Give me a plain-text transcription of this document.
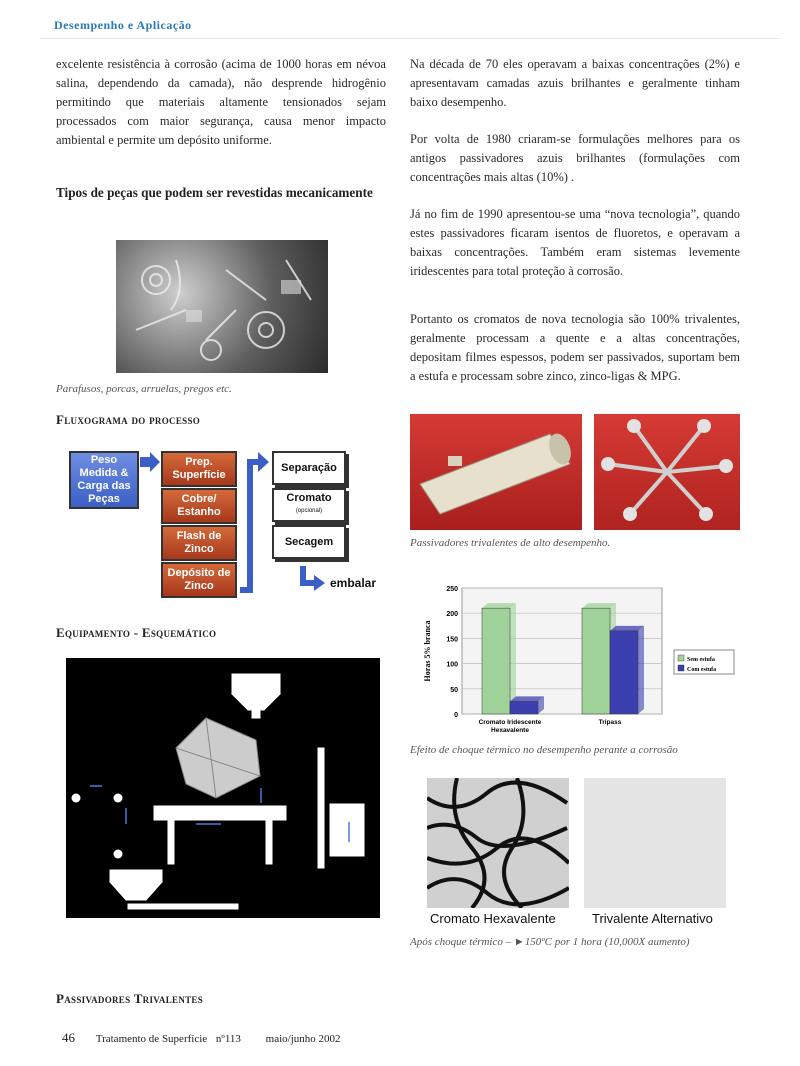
Desempenho e Aplicação

excelente resistência à corrosão (acima de 1000 horas em névoa salina, dependendo da camada), não desprende hidrogênio permitindo que materiais altamente tensionados sejam processados com maior segurança, causa menor impacto ambiental e permite um depósito uniforme.

Tipos de peças que podem ser revestidas mecanicamente
Parafusos, porcas, arruelas, pregos etc.
Fluxograma do processo
Peso Medida & Carga das Peças
Prep. Superfície
Cobre/ Estanho
Flash de Zinco
Depósito de Zinco
Separação
Cromato
(opcional)
Secagem
embalar
Equipamento - Esquemático
Passivadores Trivalentes

Na década de 70 eles operavam a baixas concentrações (2%) e apresentavam camadas azuis brilhantes e geralmente tinham baixo desempenho.

Por volta de 1980 criaram-se formulações melhores para os antigos passivadores azuis brilhantes (formulações com concentrações mais altas (10%) .

Já no fim de 1990 apresentou-se uma “nova tecnologia”, quando estes passivadores ficaram isentos de fluoretos, e operavam a baixas concentrações. Também eram sistemas levemente iridescentes para total proteção à corrosão.

Portanto os cromatos de nova tecnologia são 100% trivalentes, geralmente processam a quente e a altas concentrações, depositam filmes espessos, podem ser passivados, suportam bem a estufa e processam sobre zinco, zinco-ligas & MPG.

Passivadores trivalentes de alto desempenho.
0
50
100
150
200
250
Horas 5% branca
Cromato Iridescente
Hexavalente
Tripass
Sem estufa
Com estufa
Efeito de choque térmico no desempenho perante a corrosão
Cromato Hexavalente	Trivalente Alternativo
Após choque térmico – ►150ºC por 1 hora (10,000X aumento)
46 Tratamento de Superfície nº113 maio/junho 2002
